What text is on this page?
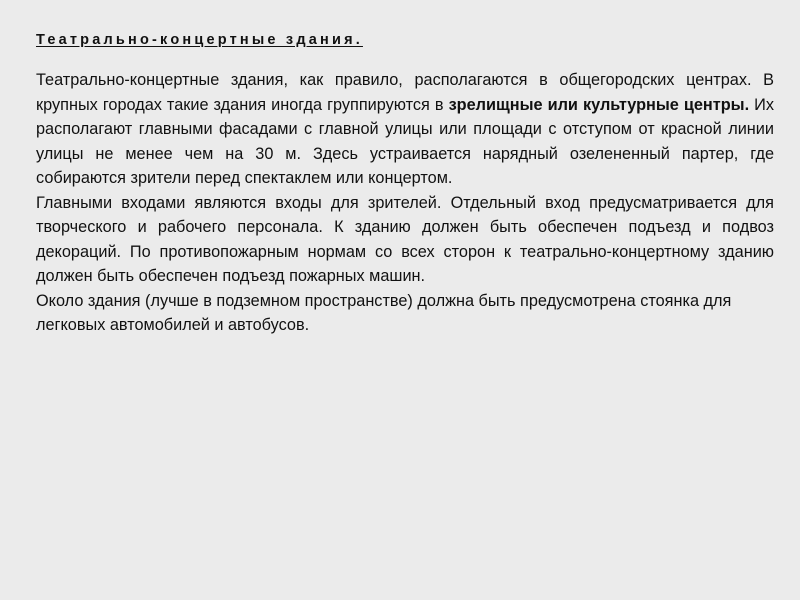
Театрально-концертные здания.

Театрально-концертные здания, как правило, располагаются в общегородских центрах. В крупных городах такие здания иногда группируются в зрелищные или культурные центры. Их располагают главными фасадами с главной улицы или площади с отступом от красной линии улицы не менее чем на 30 м. Здесь устраивается нарядный озелененный партер, где собираются зрители перед спектаклем или концертом.

Главными входами являются входы для зрителей. Отдельный вход предусматривается для творческого и рабочего персонала. К зданию должен быть обеспечен подъезд и подвоз декораций. По противопожарным нормам со всех сторон к театрально-концертному зданию должен быть обеспечен подъезд пожарных машин.

Около здания (лучше в подземном пространстве) должна быть предусмотрена стоянка для легковых автомобилей и автобусов.
